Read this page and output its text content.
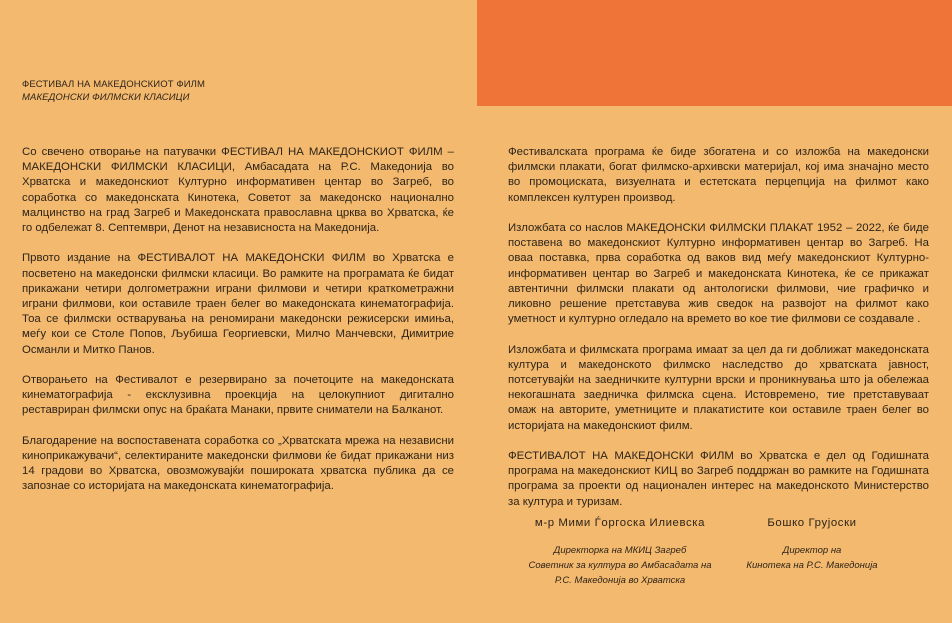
ФЕСТИВАЛ НА МАКЕДОНСКИОТ ФИЛМ
МАКЕДОНСКИ ФИЛМСКИ КЛАСИЦИ

Со свечено отворање на патувачки ФЕСТИВАЛ НА МАКЕДОНСКИОТ ФИЛМ – МАКЕДОНСКИ ФИЛМСКИ КЛАСИЦИ, Амбасадата на Р.С. Македонија во Хрватска и македонскиот Културно информативен центар во Загреб, во соработка со македонската Кинотека, Советот за македонско национално малцинство на град Загреб и Македонската православна црква во Хрватска, ќе го одбележат 8. Септември, Денот на независноста на Македонија.

Првото издание на ФЕСТИВАЛОТ НА МАКЕДОНСКИ ФИЛМ во Хрватска е посветено на македонски филмски класици. Во рамките на програмата ќе бидат прикажани четири долгометражни играни филмови и четири краткометражни играни филмови, кои оставиле траен белег во македонската кинематографија. Тоа се филмски остварувања на реномирани македонски режисерски имиња, меѓу кои се Столе Попов, Љубиша Георгиевски, Милчо Манчевски, Димитрие Османли и Митко Панов.

Отворањето на Фестивалот е резервирано за почетоците на македонската кинематографија - ексклузивна проекција на целокупниот дигитално реставриран филмски опус на браќата Манаки, првите сниматели на Балканот.

Благодарение на воспоставената соработка со „Хрватската мрежа на независни кинoприкажувачи“, селектираните македонски филмови ќе бидат прикажани низ 14 градови во Хрватска, овозможувајќи пошироката хрватска публика да се запознае со историјата на македонската кинематографија.

Фестивалската програма ќе биде збогатена и со изложба на македонски филмски плакати, богат филмско-архивски материјал, кој има значајно место во промоциската, визуелната и естетската перцепција на филмот како комплексен културен производ.

Изложбата со наслов МАКЕДОНСКИ ФИЛМСКИ ПЛАКАТ 1952 – 2022, ќе биде поставена во македонскиот Културно информативен центар во Загреб. На оваа поставка, прва соработка од ваков вид меѓу македонскиот Културно-информативен центар во Загреб и македонската Кинотека, ќе се прикажат автентични филмски плакати од антологиски филмови, чие графичко и ликовно решение претставува жив сведок на развојот на филмот како уметност и културно огледало на времето во кое тие филмови се создавале .

Изложбата и филмската програма имаат за цел да ги доближат македонската култура и македонското филмско наследство до хрватската јавност, потсетувајќи на заедничките културни врски и проникнувања што ја обележаа некогашната заедничка филмска сцена. Истовремено, тие претставуваат омаж на авторите, уметниците и плакатистите кои оставиле траен белег во историјата на македонскиот филм.

ФЕСТИВАЛОТ НА МАКЕДОНСКИ ФИЛМ во Хрватска е дел од Годишната програма на македонскиот КИЦ во Загреб поддржан во рамките на Годишната програма за проекти од национален интерес на македонското Министерство за култура и туризам.

м-р Мими Ѓоргоска Илиевска
Директорка на МКИЦ Загреб
Советник за култура во Амбасадата на
Р.С. Македонија во Хрватска
Бошко Грујоски
Директор на
Кинотека на Р.С. Македонија
